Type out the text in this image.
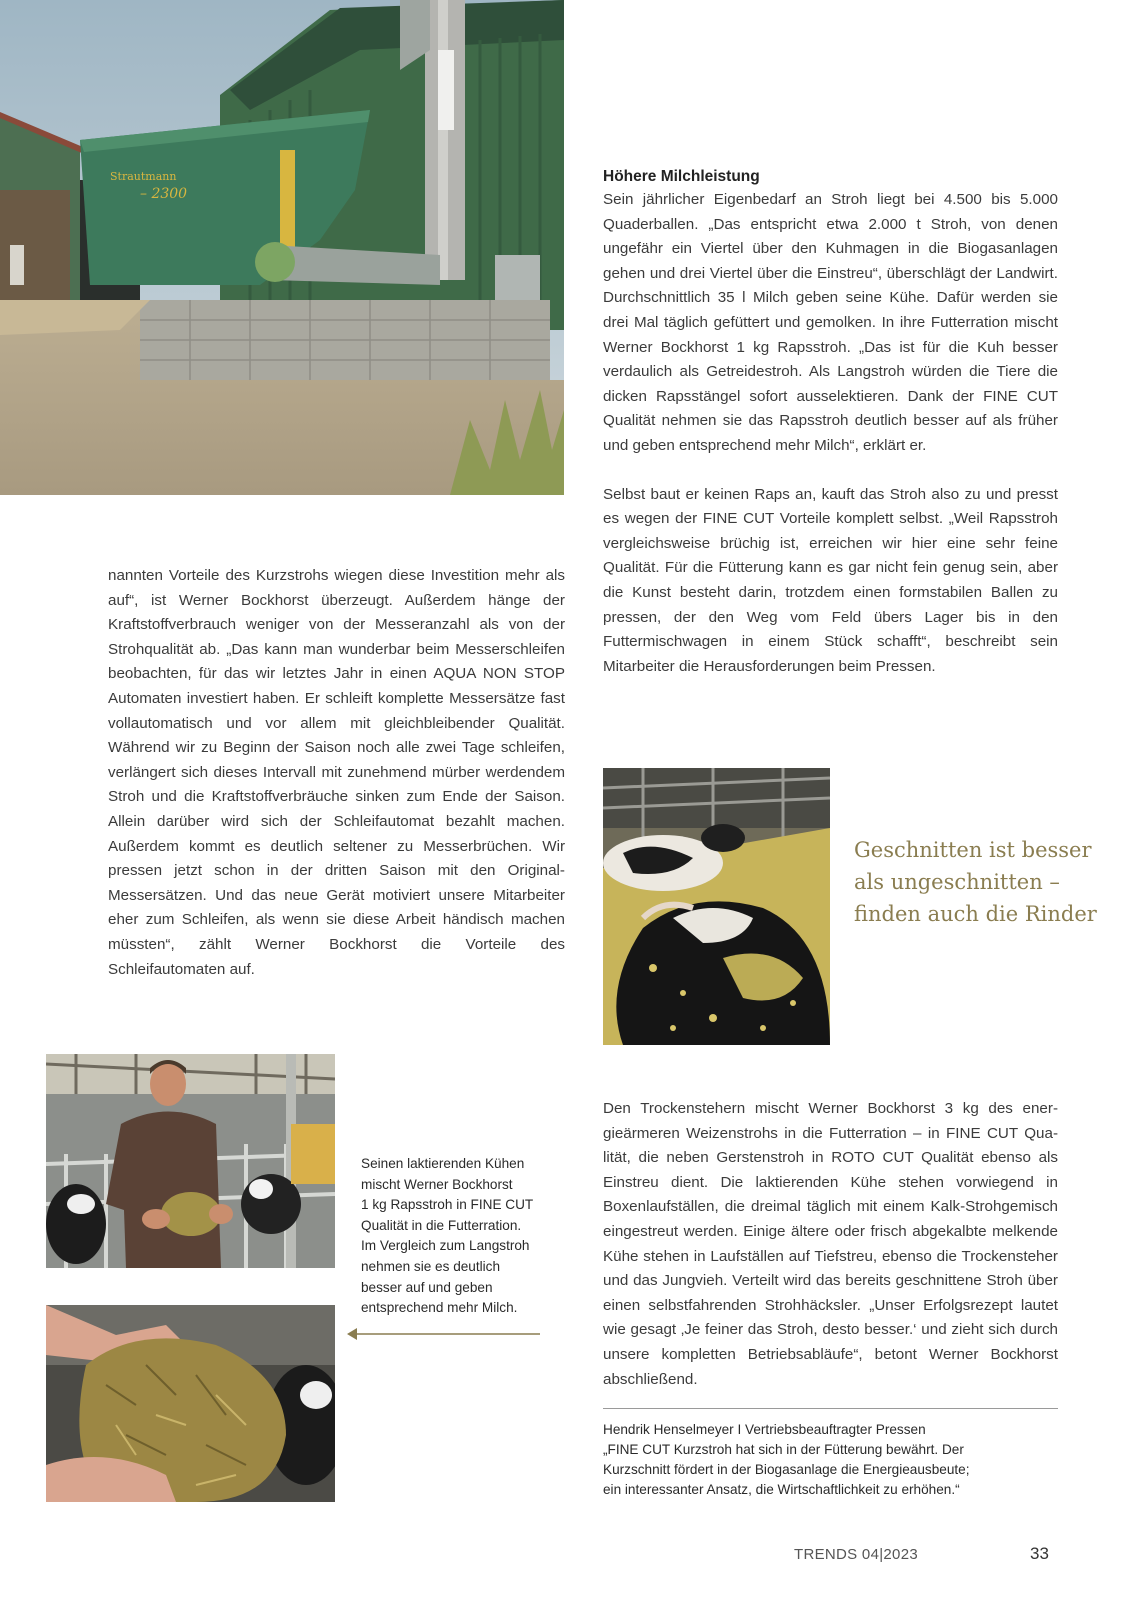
Strautmann
– 2300

Höhere Milchleistung

Sein jährlicher Eigenbedarf an Stroh liegt bei 4.500 bis 5.000 Quaderballen. „Das entspricht etwa 2.000 t Stroh, von denen ungefähr ein Viertel über den Kuhmagen in die Biogasanlagen gehen und drei Viertel über die Einstreu“, überschlägt der Landwirt. Durchschnittlich 35 l Milch geben seine Kühe. Dafür werden sie drei Mal täglich gefüttert und gemolken. In ihre Futterration mischt Werner Bockhorst 1 kg Rapsstroh. „Das ist für die Kuh besser verdaulich als Getreidestroh. Als Langstroh würden die Tiere die dicken Rapsstängel sofort ausselektieren. Dank der FINE CUT Qualität nehmen sie das Rapsstroh deutlich besser auf als früher und geben entsprechend mehr Milch“, erklärt er.

Selbst baut er keinen Raps an, kauft das Stroh also zu und presst es wegen der FINE CUT Vorteile komplett selbst. „Weil Rapsstroh vergleichsweise brüchig ist, erreichen wir hier eine sehr feine Qualität. Für die Fütterung kann es gar nicht fein genug sein, aber die Kunst besteht darin, trotzdem einen formstabilen Ballen zu pressen, der den Weg vom Feld übers Lager bis in den Futtermischwagen in einem Stück schafft“, beschreibt sein Mitarbeiter die Herausforderungen beim Pressen.

nannten Vorteile des Kurzstrohs wiegen diese Investition mehr als auf“, ist Werner Bockhorst überzeugt. Außerdem hänge der Kraftstoffverbrauch weniger von der Messeranzahl als von der Strohqualität ab. „Das kann man wunderbar beim Messerschleifen beobachten, für das wir letztes Jahr in einen AQUA NON STOP Automaten investiert haben. Er schleift komplette Messersätze fast vollautomatisch und vor allem mit gleichbleibender Qualität. Während wir zu Beginn der Saison noch alle zwei Tage schleifen, verlängert sich dieses Intervall mit zunehmend mürber werdendem Stroh und die Kraftstoffverbräuche sinken zum Ende der Saison. Allein darüber wird sich der Schleifautomat bezahlt machen. Außerdem kommt es deutlich seltener zu Messerbrüchen. Wir pressen jetzt schon in der dritten Saison mit den Original-Messersätzen. Und das neue Gerät motiviert unsere Mitarbeiter eher zum Schleifen, als wenn sie diese Arbeit händisch machen müssten“, zählt Werner Bockhorst die Vorteile des Schleifautomaten auf.

Geschnitten ist besser

als ungeschnitten –

finden auch die Rinder

Seinen laktierenden Kühen

mischt Werner Bockhorst

1 kg Rapsstroh in FINE CUT

Qualität in die Futterration.

Im Vergleich zum Langstroh

nehmen sie es deutlich

besser auf und geben

entsprechend mehr Milch.

Den Trockenstehern mischt Werner Bockhorst 3 kg des energieärmeren Weizenstrohs in die Futterration – in FINE CUT Qualität, die neben Gerstenstroh in ROTO CUT Qualität ebenso als Einstreu dient. Die laktierenden Kühe stehen vorwiegend in Boxenlaufställen, die dreimal täglich mit einem Kalk-Strohgemisch eingestreut werden. Einige ältere oder frisch abgekalbte melkende Kühe stehen in Laufställen auf Tiefstreu, ebenso die Trockensteher und das Jungvieh. Verteilt wird das bereits geschnittene Stroh über einen selbstfahrenden Strohhäcksler. „Unser Erfolgsrezept lautet wie gesagt ‚Je feiner das Stroh, desto besser.‘ und zieht sich durch unsere kompletten Betriebsabläufe“, betont Werner Bockhorst abschließend.

Hendrik Henselmeyer I Vertriebsbeauftragter Pressen

„FINE CUT Kurzstroh hat sich in der Fütterung bewährt. Der

Kurzschnitt fördert in der Biogasanlage die Energieausbeute;

ein interessanter Ansatz, die Wirtschaftlichkeit zu erhöhen.“

TRENDS 04|2023	33
